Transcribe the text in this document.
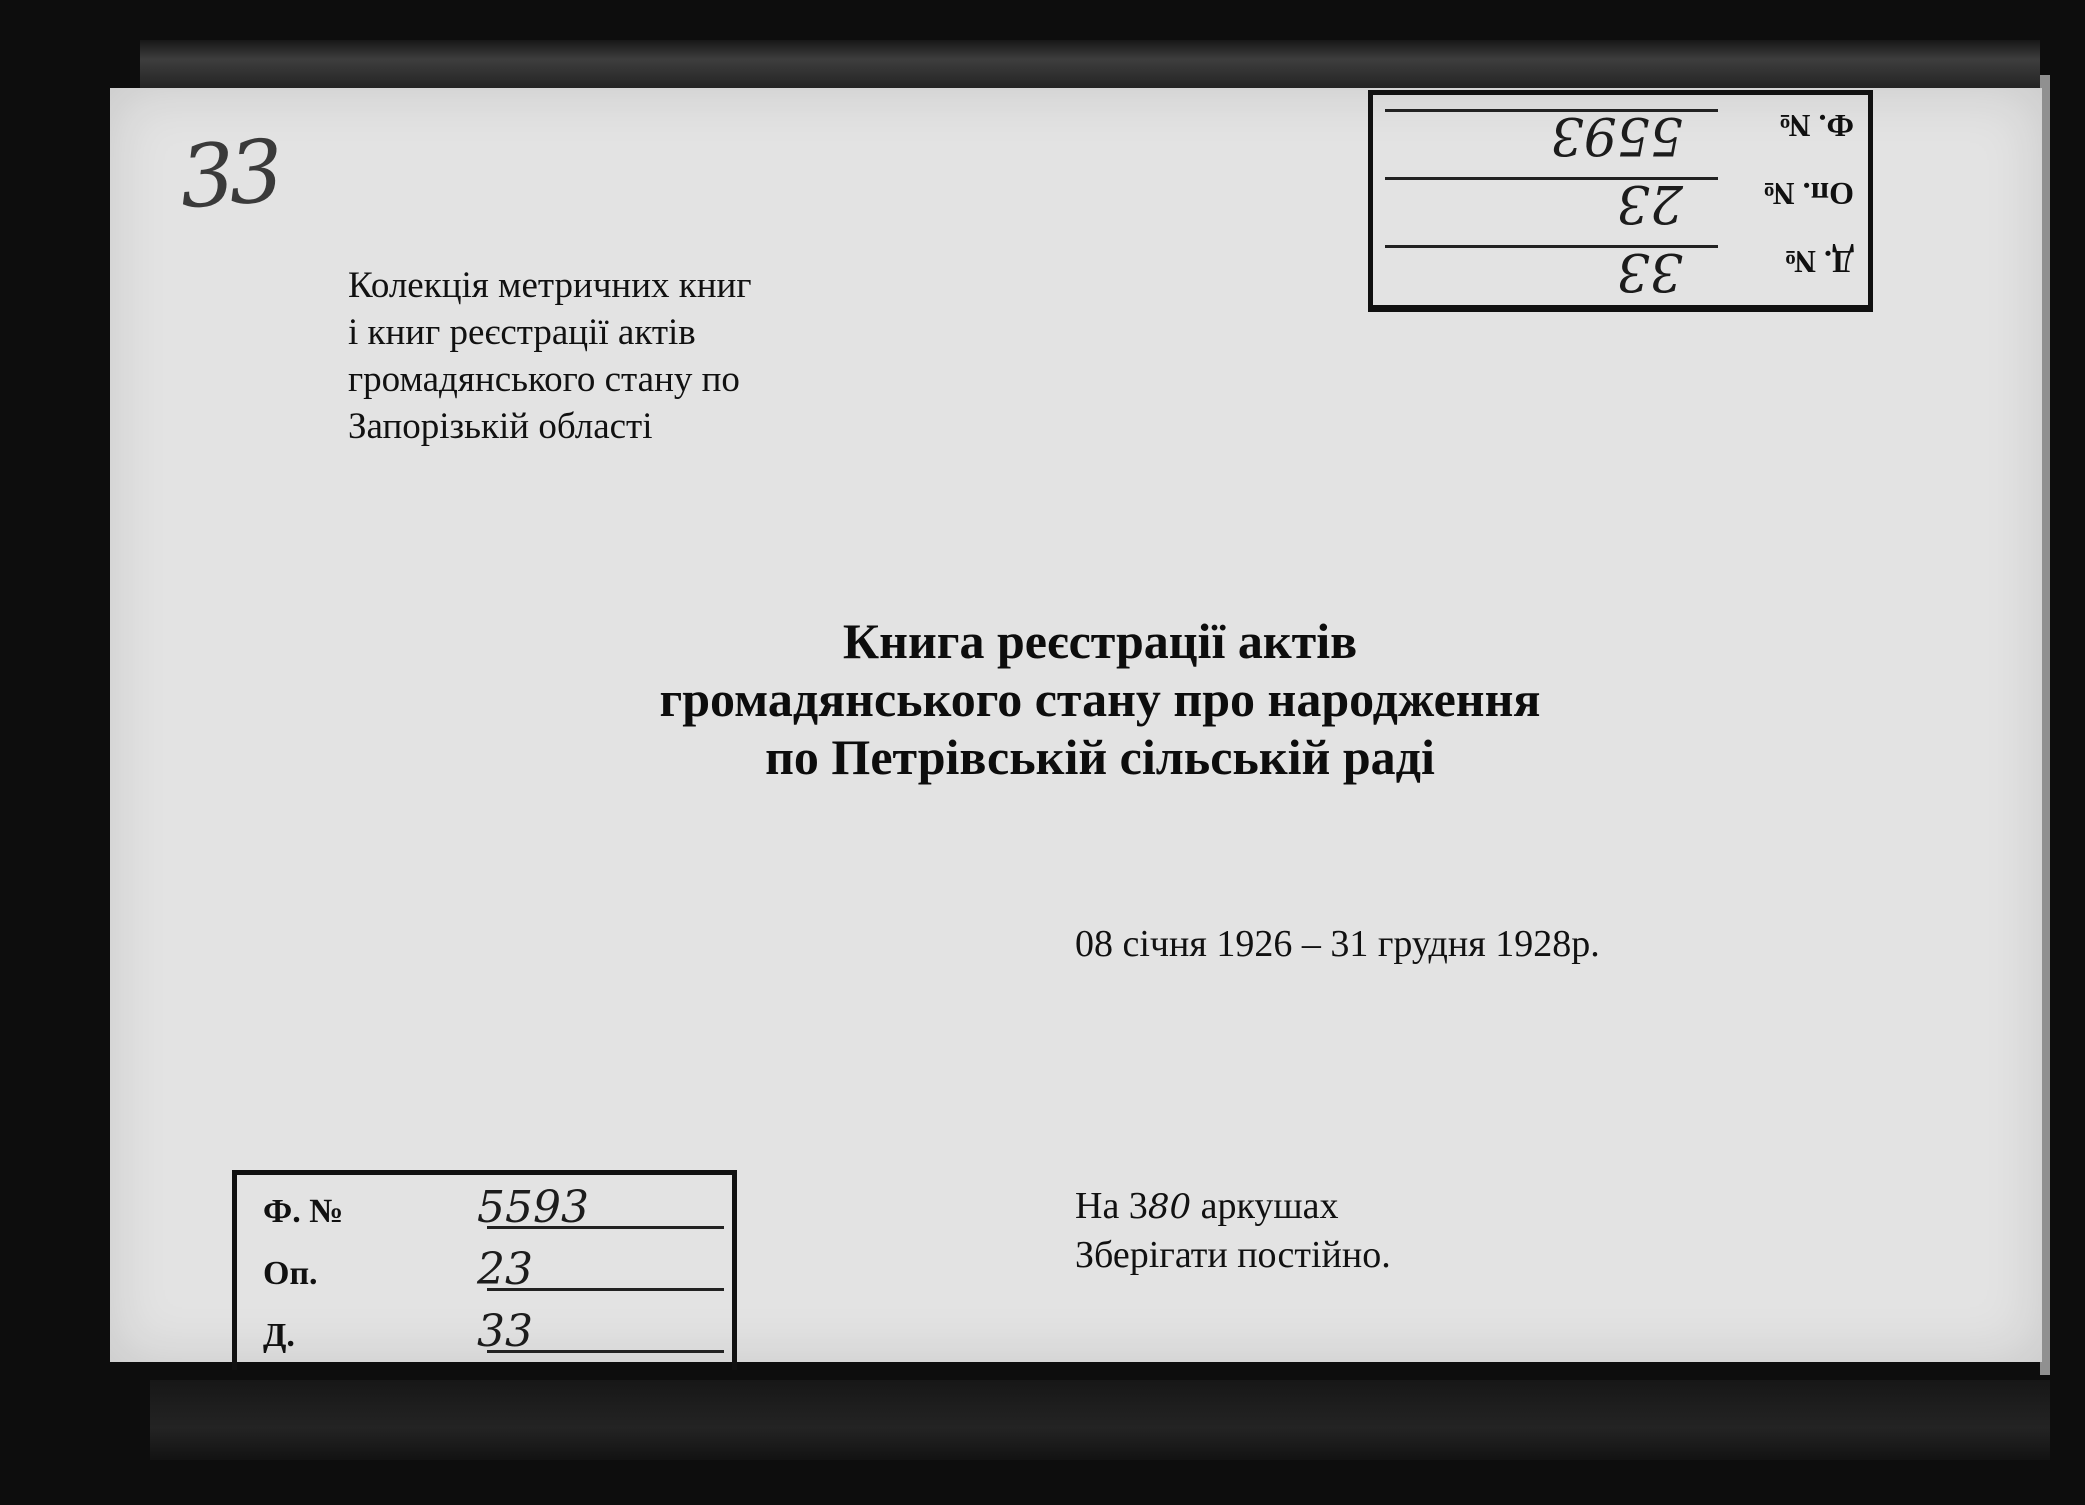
33
Д. №
33
Оп. №
23
Ф. №
5593
Колекція метричних книг
і книг реєстрації актів
громадянського стану по
Запорізькій області
Книга реєстрації актів
громадянського стану про народження
по Петрівській сільській раді
08 січня 1926 – 31 грудня 1928р.
На 380 аркушах
Зберігати постійно.
Ф. №	5593
Оп.	23
Д.	33
